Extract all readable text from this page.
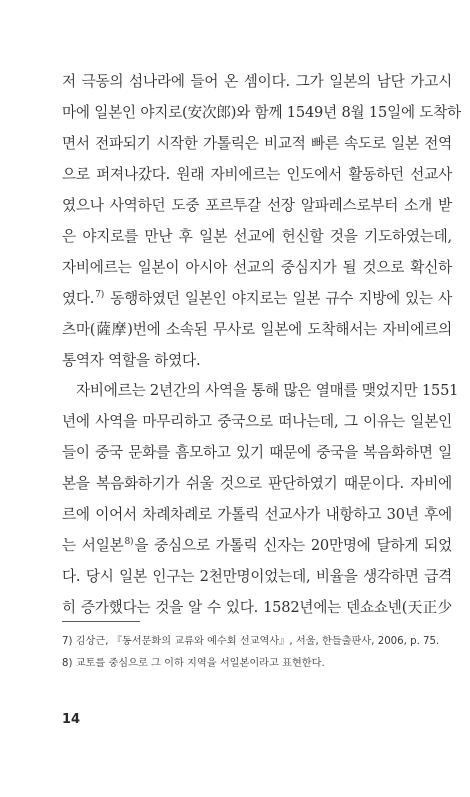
저 극동의 섬나라에 들어 온 셈이다. 그가 일본의 남단 가고시
마에 일본인 야지로(安次郎)와 함께 1549년 8월 15일에 도착하
면서 전파되기 시작한 가톨릭은 비교적 빠른 속도로 일본 전역
으로 퍼져나갔다. 원래 자비에르는 인도에서 활동하던 선교사
였으나 사역하던 도중 포르투갈 선장 알파레스로부터 소개 받
은 야지로를 만난 후 일본 선교에 헌신할 것을 기도하였는데,
자비에르는 일본이 아시아 선교의 중심지가 될 것으로 확신하
였다.$^{7)}$ 동행하였던 일본인 야지로는 일본 규수 지방에 있는 사
츠마(薩摩)번에 소속된 무사로 일본에 도착해서는 자비에르의
통역자 역할을 하였다.
자비에르는 2년간의 사역을 통해 많은 열매를 맺었지만 1551
년에 사역을 마무리하고 중국으로 떠나는데, 그 이유는 일본인
들이 중국 문화를 흠모하고 있기 때문에 중국을 복음화하면 일
본을 복음화하기가 쉬울 것으로 판단하였기 때문이다. 자비에
르에 이어서 차례차례로 가톨릭 선교사가 내항하고 30년 후에
는 서일본$^{8)}$을 중심으로 가톨릭 신자는 20만명에 달하게 되었
다. 당시 일본 인구는 2천만명이었는데, 비율을 생각하면 급격
히 증가했다는 것을 알 수 있다. 1582년에는 덴쇼쇼넨(天正少
7) 김상근, 『동서문화의 교류와 예수회 선교역사』, 서울, 한들출판사, 2006, p. 75.
8) 교토를 중심으로 그 이하 지역을 서일본이라고 표현한다.
14
